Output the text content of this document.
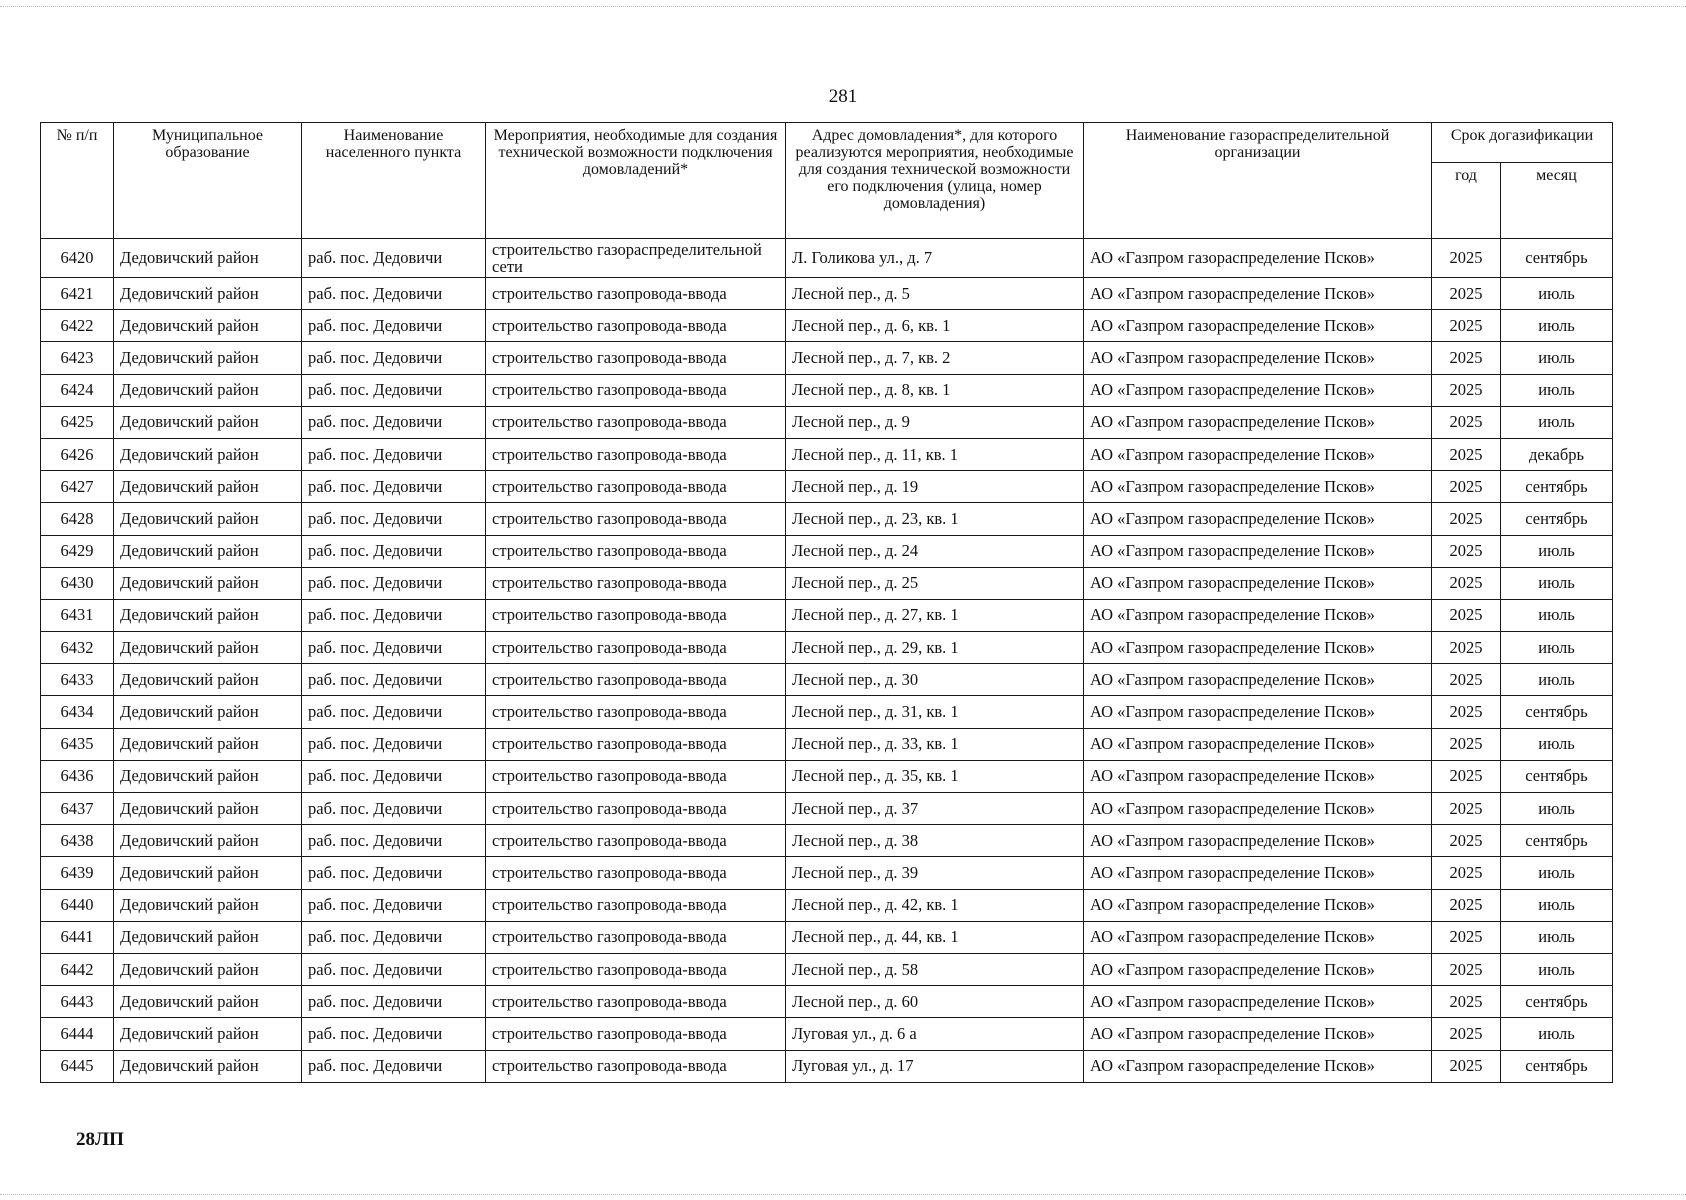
281
№ п/п	Муниципальное образование	Наименование населенного пункта	Мероприятия, необходимые для создания технической возможности подключения домовладений*	Адрес домовладения*, для которого реализуются мероприятия, необходимые для создания технической возможности его подключения (улица, номер домовладения)	Наименование газораспределительной организации	Срок догазификации	
						год	месяц
6420	Дедовичский район	раб. пос. Дедовичи	строительство газораспределительной сети	Л. Голикова ул., д. 7	АО «Газпром газораспределение Псков»	2025	сентябрь
6421	Дедовичский район	раб. пос. Дедовичи	строительство газопровода-ввода	Лесной пер., д. 5	АО «Газпром газораспределение Псков»	2025	июль
6422	Дедовичский район	раб. пос. Дедовичи	строительство газопровода-ввода	Лесной пер., д. 6, кв. 1	АО «Газпром газораспределение Псков»	2025	июль
6423	Дедовичский район	раб. пос. Дедовичи	строительство газопровода-ввода	Лесной пер., д. 7, кв. 2	АО «Газпром газораспределение Псков»	2025	июль
6424	Дедовичский район	раб. пос. Дедовичи	строительство газопровода-ввода	Лесной пер., д. 8, кв. 1	АО «Газпром газораспределение Псков»	2025	июль
6425	Дедовичский район	раб. пос. Дедовичи	строительство газопровода-ввода	Лесной пер., д. 9	АО «Газпром газораспределение Псков»	2025	июль
6426	Дедовичский район	раб. пос. Дедовичи	строительство газопровода-ввода	Лесной пер., д. 11, кв. 1	АО «Газпром газораспределение Псков»	2025	декабрь
6427	Дедовичский район	раб. пос. Дедовичи	строительство газопровода-ввода	Лесной пер., д. 19	АО «Газпром газораспределение Псков»	2025	сентябрь
6428	Дедовичский район	раб. пос. Дедовичи	строительство газопровода-ввода	Лесной пер., д. 23, кв. 1	АО «Газпром газораспределение Псков»	2025	сентябрь
6429	Дедовичский район	раб. пос. Дедовичи	строительство газопровода-ввода	Лесной пер., д. 24	АО «Газпром газораспределение Псков»	2025	июль
6430	Дедовичский район	раб. пос. Дедовичи	строительство газопровода-ввода	Лесной пер., д. 25	АО «Газпром газораспределение Псков»	2025	июль
6431	Дедовичский район	раб. пос. Дедовичи	строительство газопровода-ввода	Лесной пер., д. 27, кв. 1	АО «Газпром газораспределение Псков»	2025	июль
6432	Дедовичский район	раб. пос. Дедовичи	строительство газопровода-ввода	Лесной пер., д. 29, кв. 1	АО «Газпром газораспределение Псков»	2025	июль
6433	Дедовичский район	раб. пос. Дедовичи	строительство газопровода-ввода	Лесной пер., д. 30	АО «Газпром газораспределение Псков»	2025	июль
6434	Дедовичский район	раб. пос. Дедовичи	строительство газопровода-ввода	Лесной пер., д. 31, кв. 1	АО «Газпром газораспределение Псков»	2025	сентябрь
6435	Дедовичский район	раб. пос. Дедовичи	строительство газопровода-ввода	Лесной пер., д. 33, кв. 1	АО «Газпром газораспределение Псков»	2025	июль
6436	Дедовичский район	раб. пос. Дедовичи	строительство газопровода-ввода	Лесной пер., д. 35, кв. 1	АО «Газпром газораспределение Псков»	2025	сентябрь
6437	Дедовичский район	раб. пос. Дедовичи	строительство газопровода-ввода	Лесной пер., д. 37	АО «Газпром газораспределение Псков»	2025	июль
6438	Дедовичский район	раб. пос. Дедовичи	строительство газопровода-ввода	Лесной пер., д. 38	АО «Газпром газораспределение Псков»	2025	сентябрь
6439	Дедовичский район	раб. пос. Дедовичи	строительство газопровода-ввода	Лесной пер., д. 39	АО «Газпром газораспределение Псков»	2025	июль
6440	Дедовичский район	раб. пос. Дедовичи	строительство газопровода-ввода	Лесной пер., д. 42, кв. 1	АО «Газпром газораспределение Псков»	2025	июль
6441	Дедовичский район	раб. пос. Дедовичи	строительство газопровода-ввода	Лесной пер., д. 44, кв. 1	АО «Газпром газораспределение Псков»	2025	июль
6442	Дедовичский район	раб. пос. Дедовичи	строительство газопровода-ввода	Лесной пер., д. 58	АО «Газпром газораспределение Псков»	2025	июль
6443	Дедовичский район	раб. пос. Дедовичи	строительство газопровода-ввода	Лесной пер., д. 60	АО «Газпром газораспределение Псков»	2025	сентябрь
6444	Дедовичский район	раб. пос. Дедовичи	строительство газопровода-ввода	Луговая ул., д. 6 а	АО «Газпром газораспределение Псков»	2025	июль
6445	Дедовичский район	раб. пос. Дедовичи	строительство газопровода-ввода	Луговая ул., д. 17	АО «Газпром газораспределение Псков»	2025	сентябрь
28ЛП
